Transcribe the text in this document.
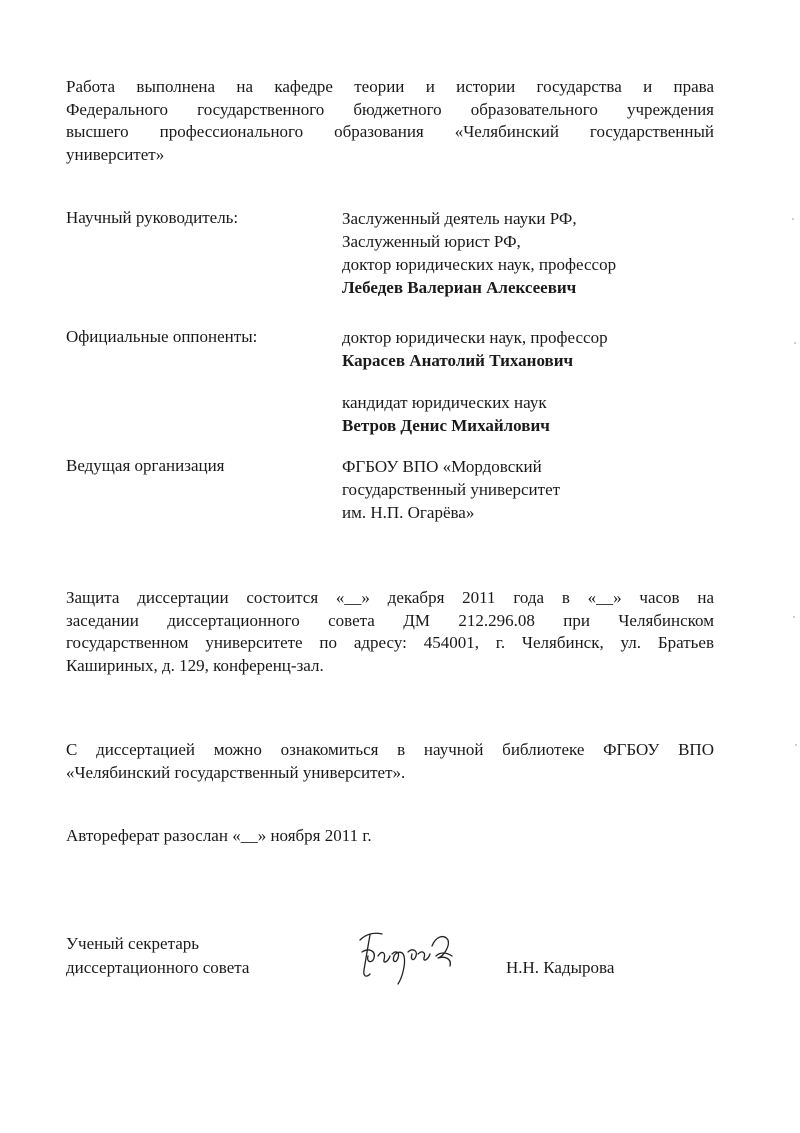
Работа выполнена на кафедре теории и истории государства и права
Федерального государственного бюджетного образовательного учреждения
высшего профессионального образования «Челябинский государственный
университет»

Научный руководитель:	Заслуженный деятель науки РФ,
Заслуженный юрист РФ,
доктор юридических наук, профессор
Лебедев Валериан Алексеевич
Официальные оппоненты:	доктор юридически наук, профессор
Карасев Анатолий Тиханович
кандидат юридических наук
Ветров Денис Михайлович
Ведущая организация	ФГБОУ ВПО «Мордовский
государственный университет
им. Н.П. Огарёва»

Защита диссертации состоится «__» декабря 2011 года в «__» часов на
заседании диссертационного совета ДМ 212.296.08 при Челябинском
государственном университете по адресу: 454001, г. Челябинск, ул. Братьев
Кашириных, д. 129, конференц-зал.

С диссертацией можно ознакомиться в научной библиотеке ФГБОУ ВПО
«Челябинский государственный университет».

Автореферат разослан «__» ноября 2011 г.
Ученый секретарь
диссертационного совета	Н.Н. Кадырова
